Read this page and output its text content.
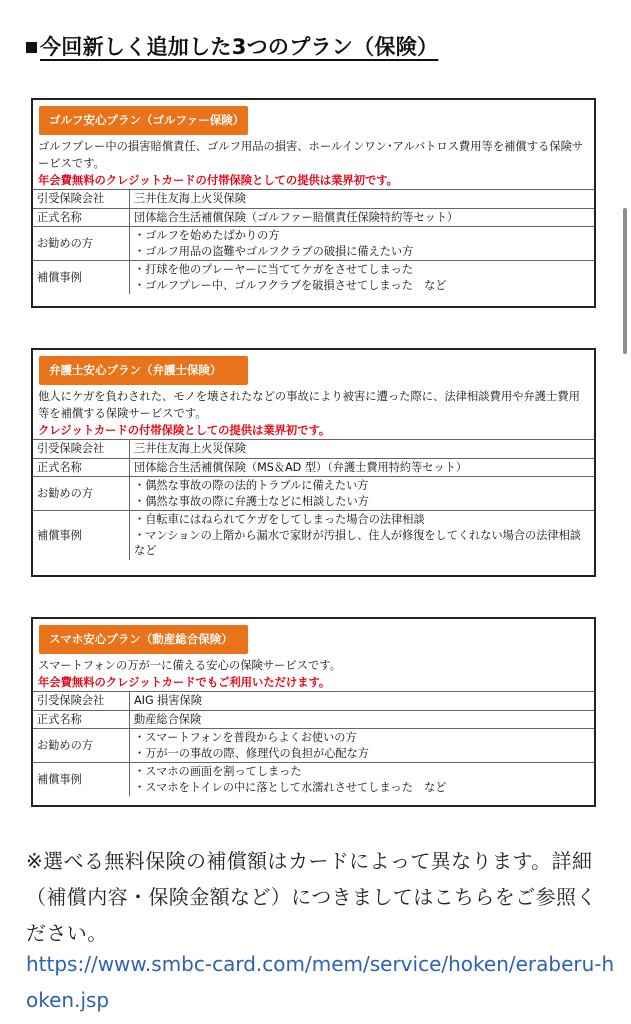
今回新しく追加した3つのプラン（保険）
ゴルフ安心プラン（ゴルファー保険）
ゴルフプレー中の損害賠償責任、ゴルフ用品の損害、ホールインワン･アルバトロス費用等を補償する保険サービスです。
年会費無料のクレジットカードの付帯保険としての提供は業界初です。
引受保険会社	三井住友海上火災保険

正式名称	団体総合生活補償保険（ゴルファー賠償責任保険特約等セット）

お勧めの方	・ゴルフを始めたばかりの方
・ゴルフ用品の盗難やゴルフクラブの破損に備えたい方

補償事例	・打球を他のプレーヤーに当ててケガをさせてしまった
・ゴルフプレー中、ゴルフクラブを破損させてしまった　など
弁護士安心プラン（弁護士保険）
他人にケガを負わされた、モノを壊されたなどの事故により被害に遭った際に、法律相談費用や弁護士費用等を補償する保険サービスです。
クレジットカードの付帯保険としての提供は業界初です。
引受保険会社	三井住友海上火災保険

正式名称	団体総合生活補償保険（MS＆AD 型）（弁護士費用特約等セット）

お勧めの方	・偶然な事故の際の法的トラブルに備えたい方
・偶然な事故の際に弁護士などに相談したい方

補償事例	・自転車にはねられてケガをしてしまった場合の法律相談
・マンションの上階から漏水で家財が汚損し、住人が修復をしてくれない場合の法律相談　など
スマホ安心プラン（動産総合保険）
スマートフォンの万が一に備える安心の保険サービスです。
年会費無料のクレジットカードでもご利用いただけます。
引受保険会社	AIG 損害保険

正式名称	動産総合保険

お勧めの方	・スマートフォンを普段からよくお使いの方
・万が一の事故の際、修理代の負担が心配な方

補償事例	・スマホの画面を割ってしまった
・スマホをトイレの中に落として水濡れさせてしまった　など
※選べる無料保険の補償額はカードによって異なります。詳細（補償内容・保険金額など）につきましてはこちらをご参照ください。
https://www.smbc-card.com/mem/service/hoken/eraberu-hoken.jsp
